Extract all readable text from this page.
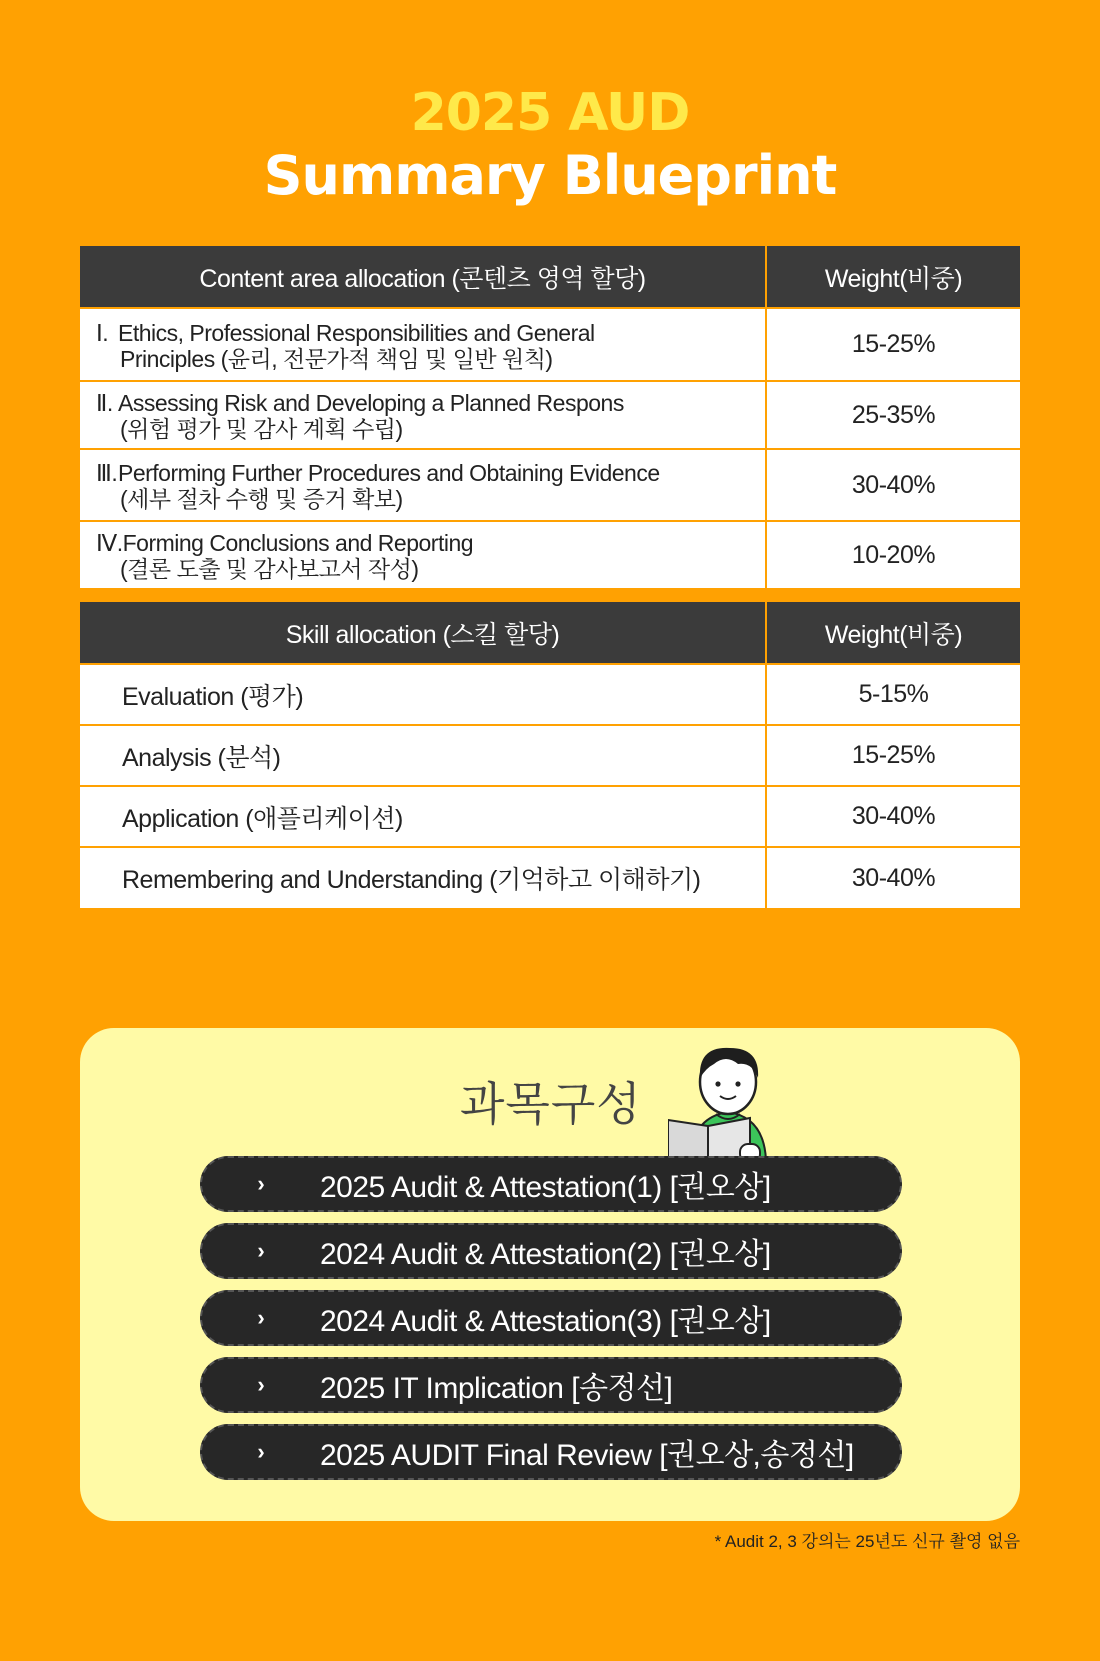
2025 AUD
Summary Blueprint
Content area allocation (콘텐츠 영역 할당)	Weight(비중)
Ⅰ. Ethics, Professional Responsibilities and General
Principles (윤리, 전문가적 책임 및 일반 원칙)	15-25%
Ⅱ. Assessing Risk and Developing a Planned Respons
(위험 평가 및 감사 계획 수립)	25-35%
Ⅲ.Performing Further Procedures and Obtaining Evidence
(세부 절차 수행 및 증거 확보)	30-40%
Ⅳ.Forming Conclusions and Reporting
(결론 도출 및 감사보고서 작성)	10-20%
Skill allocation (스킬 할당)	Weight(비중)
Evaluation (평가)	5-15%
Analysis (분석)	15-25%
Application (애플리케이션)	30-40%
Remembering and Understanding (기억하고 이해하기)	30-40%
과목구성
›	2025 Audit & Attestation(1) [권오상]
›	2024 Audit & Attestation(2) [권오상]
›	2024 Audit & Attestation(3) [권오상]
›	2025 IT Implication [송정선]
›	2025 AUDIT Final Review [권오상,송정선]
* Audit 2, 3 강의는 25년도 신규 촬영 없음
